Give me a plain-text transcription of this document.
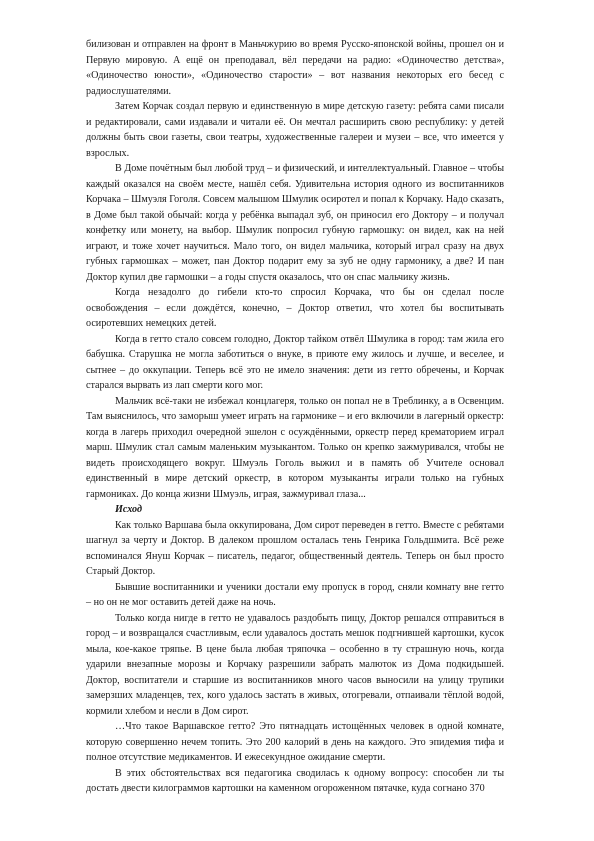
билизован и отправлен на фронт в Маньчжурию во время Русско-японской войны, прошел он и Первую мировую. А ещё он преподавал, вёл передачи на радио: «Одиночество детства», «Одиночество юности», «Одиночество старости» – вот названия некоторых его бесед с радиослушателями.

Затем Корчак создал первую и единственную в мире детскую газету: ребята сами писали и редактировали, сами издавали и читали её. Он мечтал расширить свою республику: у детей должны быть свои газеты, свои театры, художественные галереи и музеи – все, что имеется у взрослых.

В Доме почётным был любой труд – и физический, и интеллектуальный. Главное – чтобы каждый оказался на своём месте, нашёл себя. Удивительна история одного из воспитанников Корчака – Шмуэля Гоголя. Совсем малышом Шмулик осиротел и попал к Корчаку. Надо сказать, в Доме был такой обычай: когда у ребёнка выпадал зуб, он приносил его Доктору – и получал конфетку или монету, на выбор. Шмулик попросил губную гармошку: он видел, как на ней играют, и тоже хочет научиться. Мало того, он видел мальчика, который играл сразу на двух губных гармошках – может, пан Доктор подарит ему за зуб не одну гармонику, а две? И пан Доктор купил две гармошки – а годы спустя оказалось, что он спас мальчику жизнь.

Когда незадолго до гибели кто-то спросил Корчака, что бы он сделал после освобождения – если дождётся, конечно, – Доктор ответил, что хотел бы воспитывать осиротевших немецких детей.

Когда в гетто стало совсем голодно, Доктор тайком отвёл Шмулика в город: там жила его бабушка. Старушка не могла заботиться о внуке, в приюте ему жилось и лучше, и веселее, и сытнее – до оккупации. Теперь всё это не имело значения: дети из гетто обречены, и Корчак старался вырвать из лап смерти кого мог.

Мальчик всё-таки не избежал концлагеря, только он попал не в Треблинку, а в Освенцим. Там выяснилось, что заморыш умеет играть на гармонике – и его включили в лагерный оркестр: когда в лагерь приходил очередной эшелон с осуждёнными, оркестр перед крематорием играл марш. Шмулик стал самым маленьким музыкантом. Только он крепко зажмуривался, чтобы не видеть происходящего вокруг. Шмуэль Гоголь выжил и в память об Учителе основал единственный в мире детский оркестр, в котором музыканты играли только на губных гармониках. До конца жизни Шмуэль, играя, зажмуривал глаза...

Исход

Как только Варшава была оккупирована, Дом сирот переведен в гетто. Вместе с ребятами шагнул за черту и Доктор. В далеком прошлом осталась тень Генрика Гольдшмита. Всё реже вспоминался Януш Корчак – писатель, педагог, общественный деятель. Теперь он был просто Старый Доктор.

Бывшие воспитанники и ученики достали ему пропуск в город, сняли комнату вне гетто – но он не мог оставить детей даже на ночь.

Только когда нигде в гетто не удавалось раздобыть пищу, Доктор решался отправиться в город – и возвращался счастливым, если удавалось достать мешок подгнившей картошки, кусок мыла, кое-какое тряпье. В цене была любая тряпочка – особенно в ту страшную ночь, когда ударили внезапные морозы и Корчаку разрешили забрать малюток из Дома подкидышей. Доктор, воспитатели и старшие из воспитанников много часов выносили на улицу трупики замерзших младенцев, тех, кого удалось застать в живых, отогревали, отпаивали тёплой водой, кормили хлебом и несли в Дом сирот.

…Что такое Варшавское гетто? Это пятнадцать истощённых человек в одной комнате, которую совершенно нечем топить. Это 200 калорий в день на каждого. Это эпидемия тифа и полное отсутствие медикаментов. И ежесекундное ожидание смерти.

В этих обстоятельствах вся педагогика сводилась к одному вопросу: способен ли ты достать двести килограммов картошки на каменном огороженном пятачке, куда согнано 370
